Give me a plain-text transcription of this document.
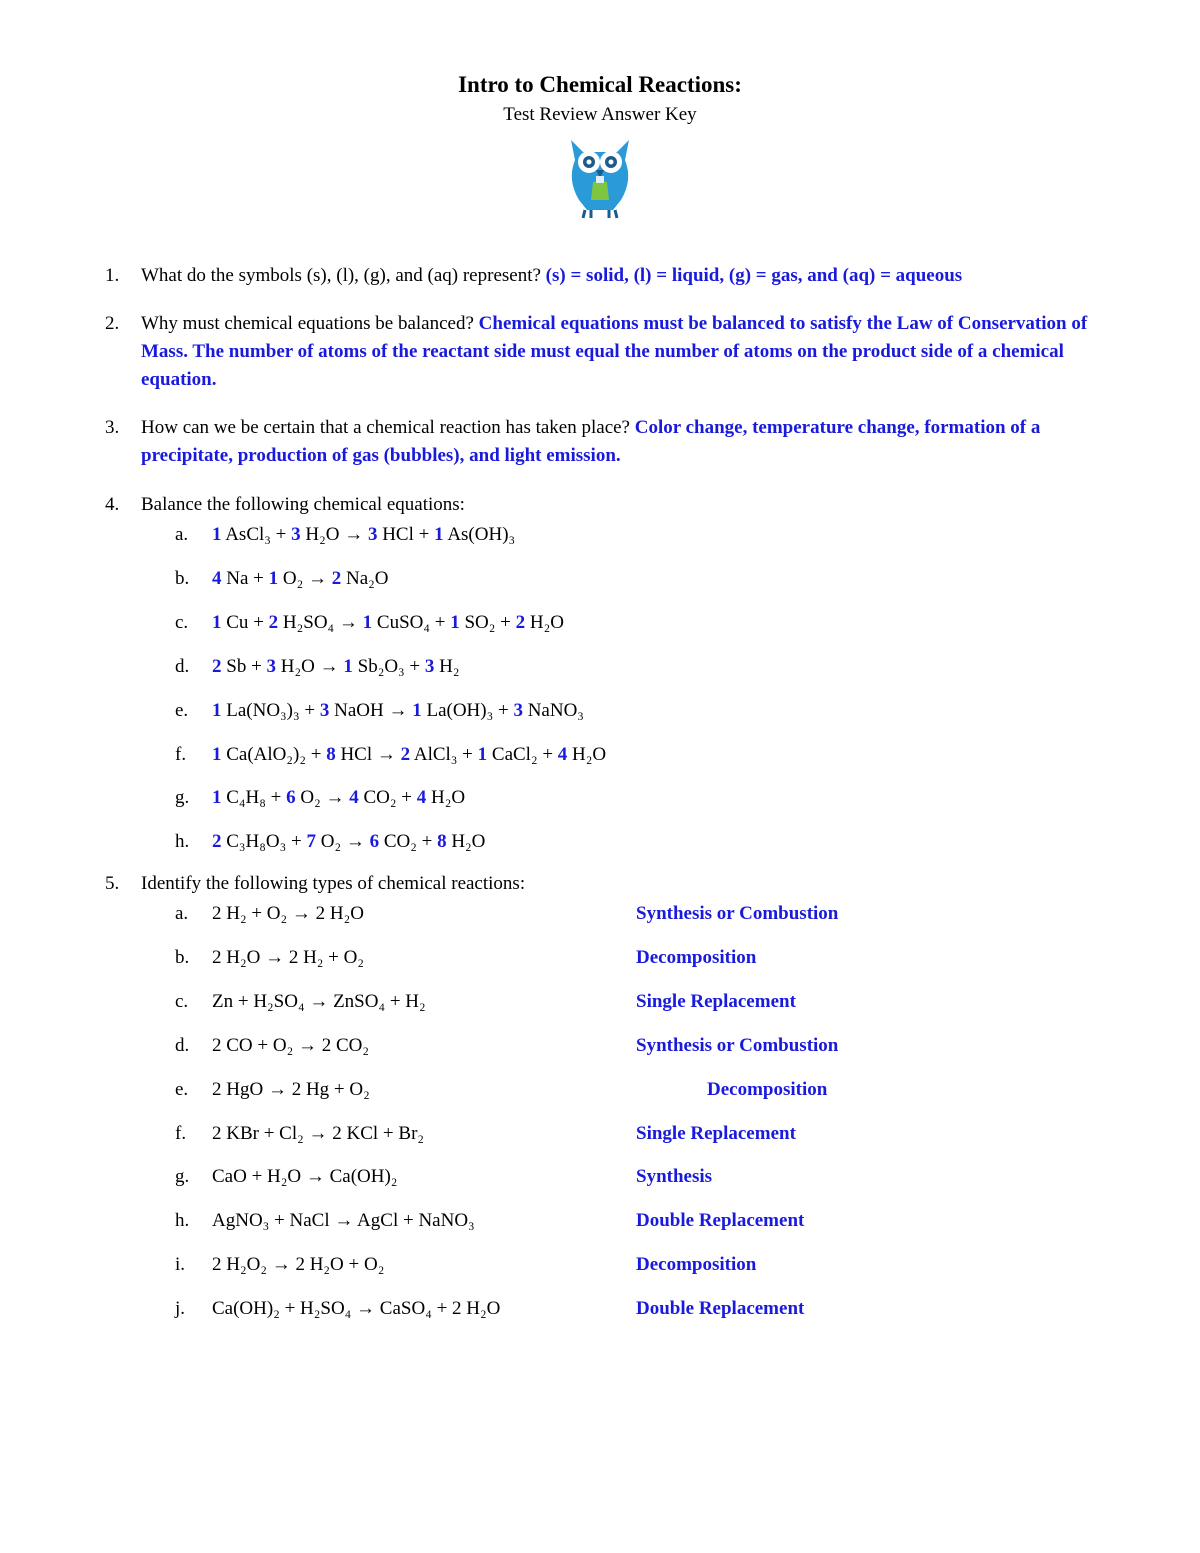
Intro to Chemical Reactions:
Test Review Answer Key
1. What do the symbols (s), (l), (g), and (aq) represent? (s) = solid, (l) = liquid, (g) = gas, and (aq) = aqueous
2. Why must chemical equations be balanced? Chemical equations must be balanced to satisfy the Law of Conservation of Mass. The number of atoms of the reactant side must equal the number of atoms on the product side of a chemical equation.
3. How can we be certain that a chemical reaction has taken place? Color change, temperature change, formation of a precipitate, production of gas (bubbles), and light emission.
4. Balance the following chemical equations:
a. 1 AsCl₃ + 3 H₂O → 3 HCl + 1 As(OH)₃
b. 4 Na + 1 O₂ → 2 Na₂O
c. 1 Cu + 2 H₂SO₄ → 1 CuSO₄ + 1 SO₂ + 2 H₂O
d. 2 Sb + 3 H₂O → 1 Sb₂O₃ + 3 H₂
e. 1 La(NO₃)₃ + 3 NaOH → 1 La(OH)₃ + 3 NaNO₃
f. 1 Ca(AlO₂)₂ + 8 HCl → 2 AlCl₃ + 1 CaCl₂ + 4 H₂O
g. 1 C₄H₈ + 6 O₂ → 4 CO₂ + 4 H₂O
h. 2 C₃H₈O₃ + 7 O₂ → 6 CO₂ + 8 H₂O
5. Identify the following types of chemical reactions:
a. 2 H₂ + O₂ → 2 H₂O	Synthesis or Combustion
b. 2 H₂O → 2 H₂ + O₂	Decomposition
c. Zn + H₂SO₄ → ZnSO₄ + H₂	Single Replacement
d. 2 CO + O₂ → 2 CO₂	Synthesis or Combustion
e. 2 HgO → 2 Hg + O₂	Decomposition
f. 2 KBr + Cl₂ → 2 KCl + Br₂	Single Replacement
g. CaO + H₂O → Ca(OH)₂	Synthesis
h. AgNO₃ + NaCl → AgCl + NaNO₃	Double Replacement
i. 2 H₂O₂ → 2 H₂O + O₂	Decomposition
j. Ca(OH)₂ + H₂SO₄ → CaSO₄ + 2 H₂O	Double Replacement
